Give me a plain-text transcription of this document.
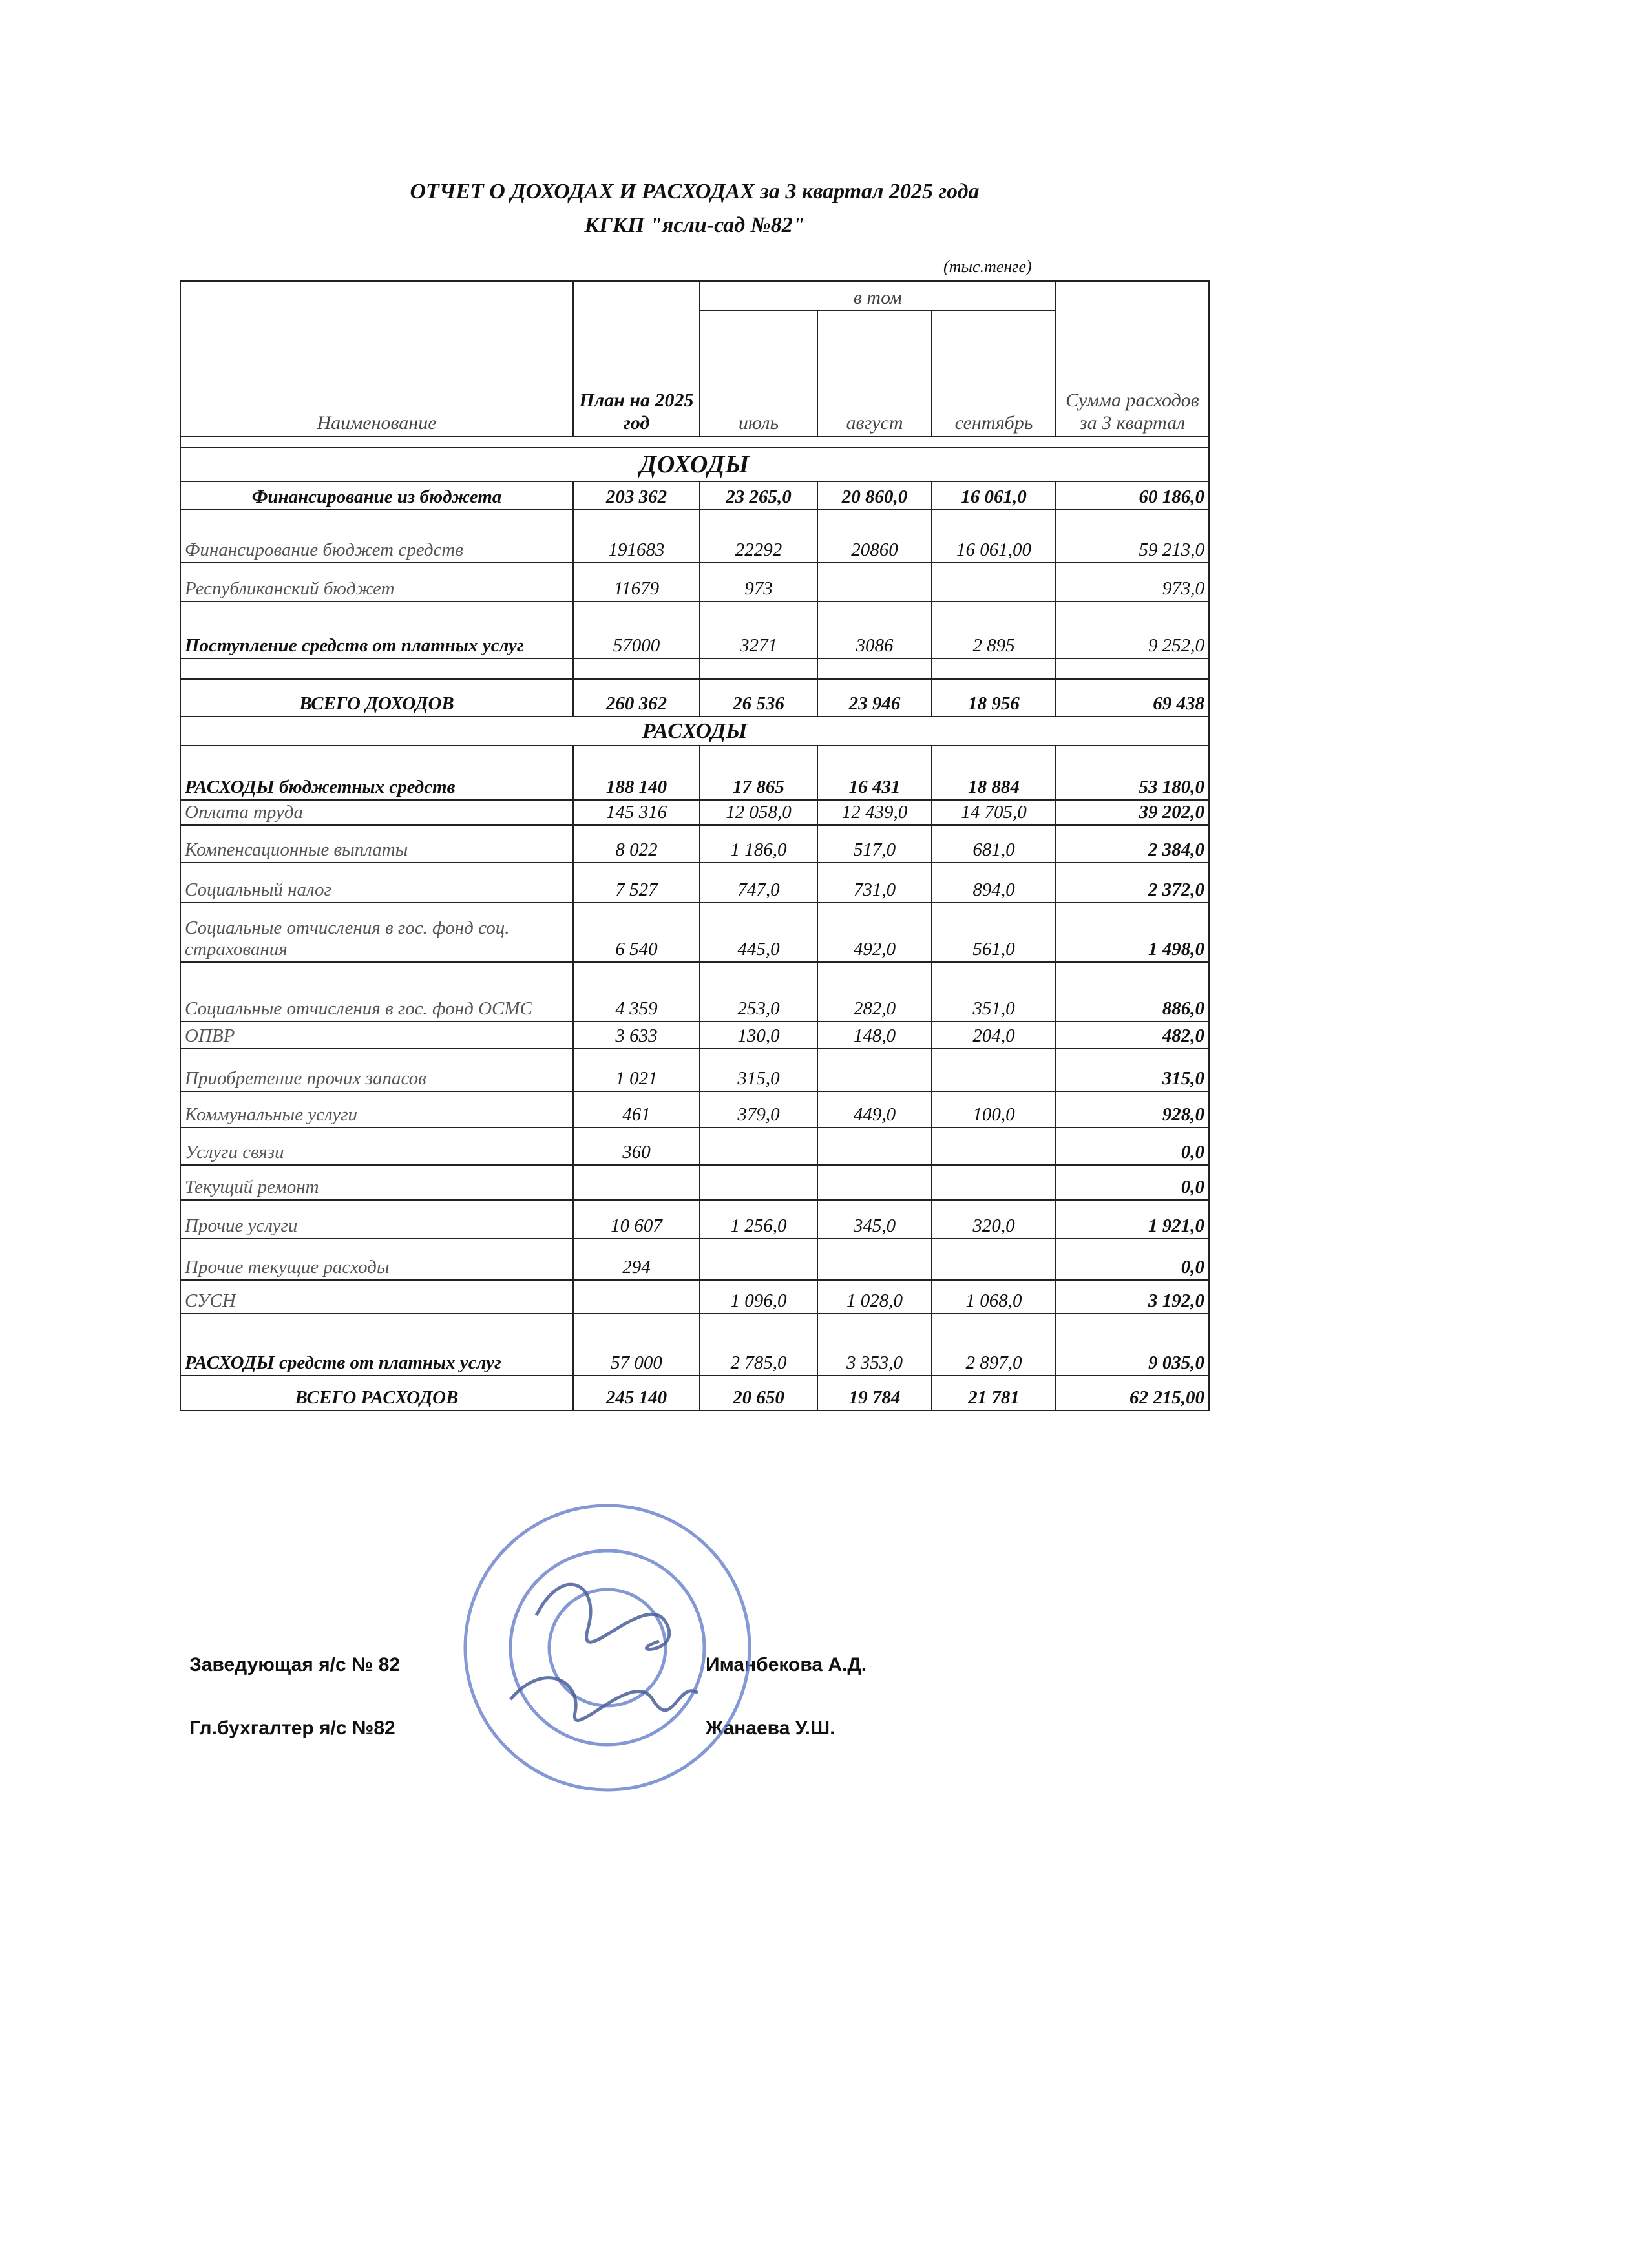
ОТЧЕТ О ДОХОДАХ И РАСХОДАХ за 3 квартал 2025 года
КГКП "ясли-сад №82"
(тыс.тенге)
Наименование	План на 2025 год	в том			Сумма расходов за 3 квартал
		июль	август	сентябрь	

ДОХОДЫ					
Финансирование из бюджета	203 362	23 265,0	20 860,0	16 061,0	60 186,0
Финансирование бюджет средств	191683	22292	20860	16 061,00	59 213,0
Республиканский бюджет	11679	973			973,0
Поступление средств от платных услуг	57000	3271	3086	2 895	9 252,0

ВСЕГО ДОХОДОВ	260 362	26 536	23 946	18 956	69 438
РАСХОДЫ					
РАСХОДЫ бюджетных средств	188 140	17 865	16 431	18 884	53 180,0
Оплата труда	145 316	12 058,0	12 439,0	14 705,0	39 202,0
Компенсационные выплаты	8 022	1 186,0	517,0	681,0	2 384,0
Социальный налог	7 527	747,0	731,0	894,0	2 372,0
Социальные отчисления в гос. фонд соц. страхования	6 540	445,0	492,0	561,0	1 498,0
Социальные отчисления в гос. фонд ОСМС	4 359	253,0	282,0	351,0	886,0
ОПВР	3 633	130,0	148,0	204,0	482,0
Приобретение прочих запасов	1 021	315,0			315,0
Коммунальные услуги	461	379,0	449,0	100,0	928,0
Услуги связи	360				0,0
Текущий ремонт					0,0
Прочие услуги	10 607	1 256,0	345,0	320,0	1 921,0
Прочие текущие расходы	294				0,0
СУСН		1 096,0	1 028,0	1 068,0	3 192,0
РАСХОДЫ средств от платных услуг	57 000	2 785,0	3 353,0	2 897,0	9 035,0
ВСЕГО РАСХОДОВ	245 140	20 650	19 784	21 781	62 215,00
Заведующая я/с № 82	Иманбекова А.Д.
Гл.бухгалтер я/с №82	Жанаева У.Ш.
